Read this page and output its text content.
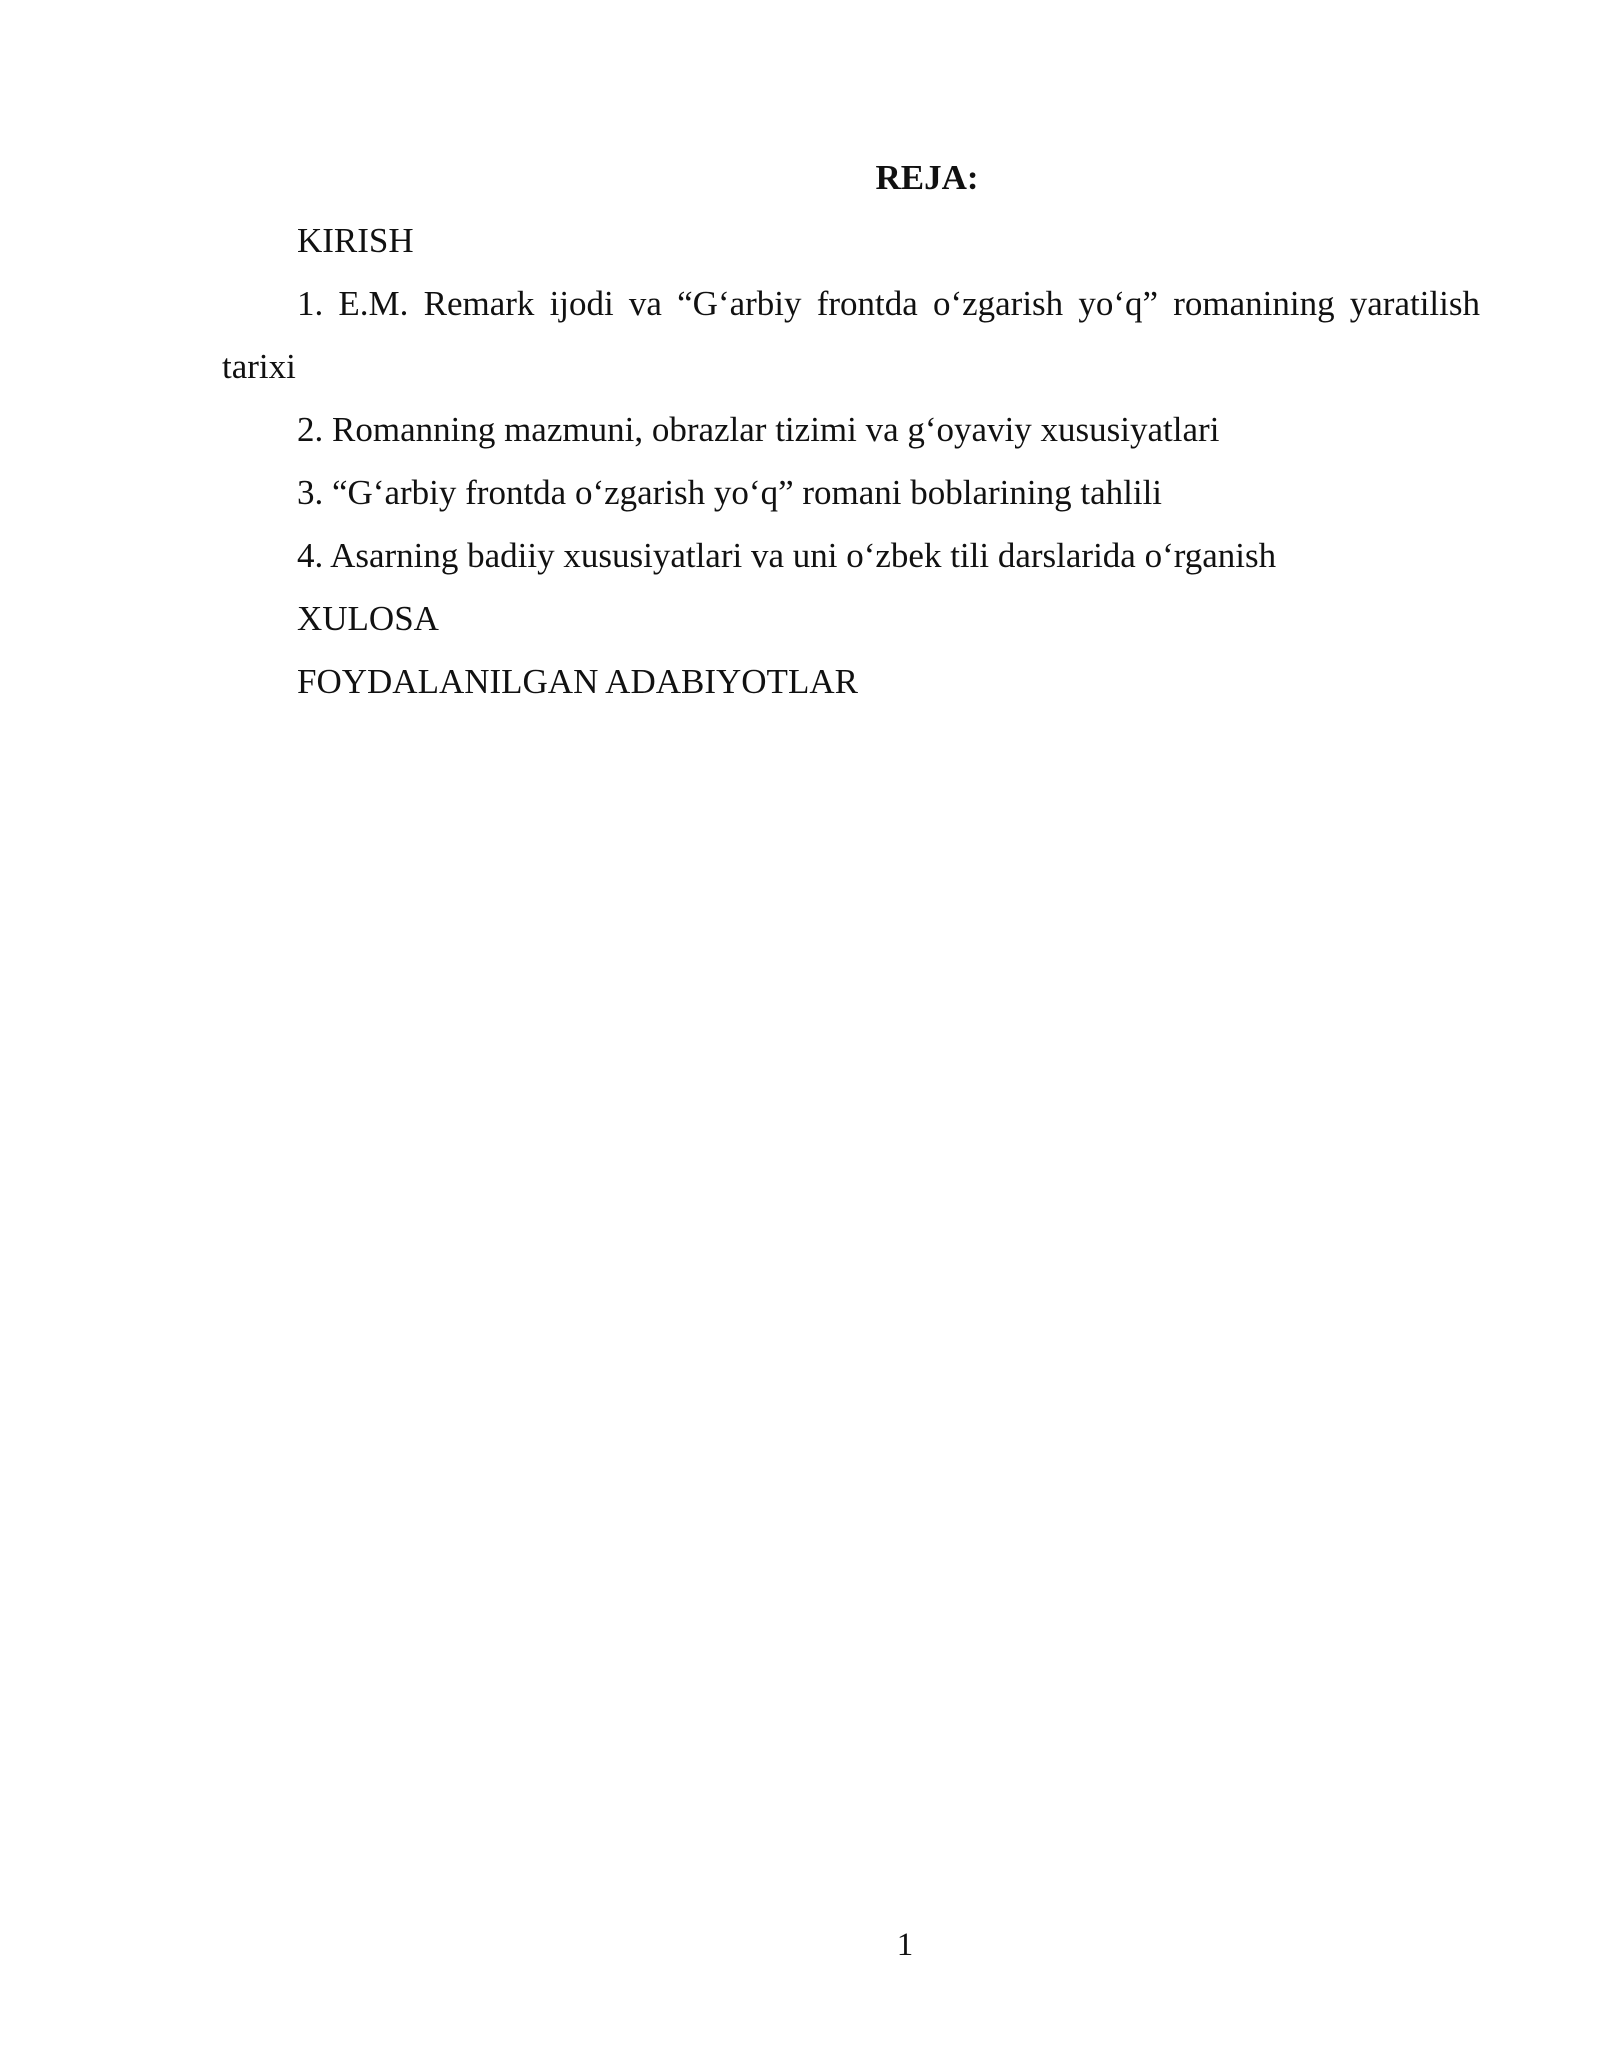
REJA:

KIRISH

1. E.M. Remark ijodi va “G‘arbiy frontda o‘zgarish yo‘q” romanining yaratilish tarixi

2. Romanning mazmuni, obrazlar tizimi va g‘oyaviy xususiyatlari

3. “G‘arbiy frontda o‘zgarish yo‘q” romani boblarining tahlili

4. Asarning badiiy xususiyatlari va uni o‘zbek tili darslarida o‘rganish

XULOSA

FOYDALANILGAN ADABIYOTLAR

1
